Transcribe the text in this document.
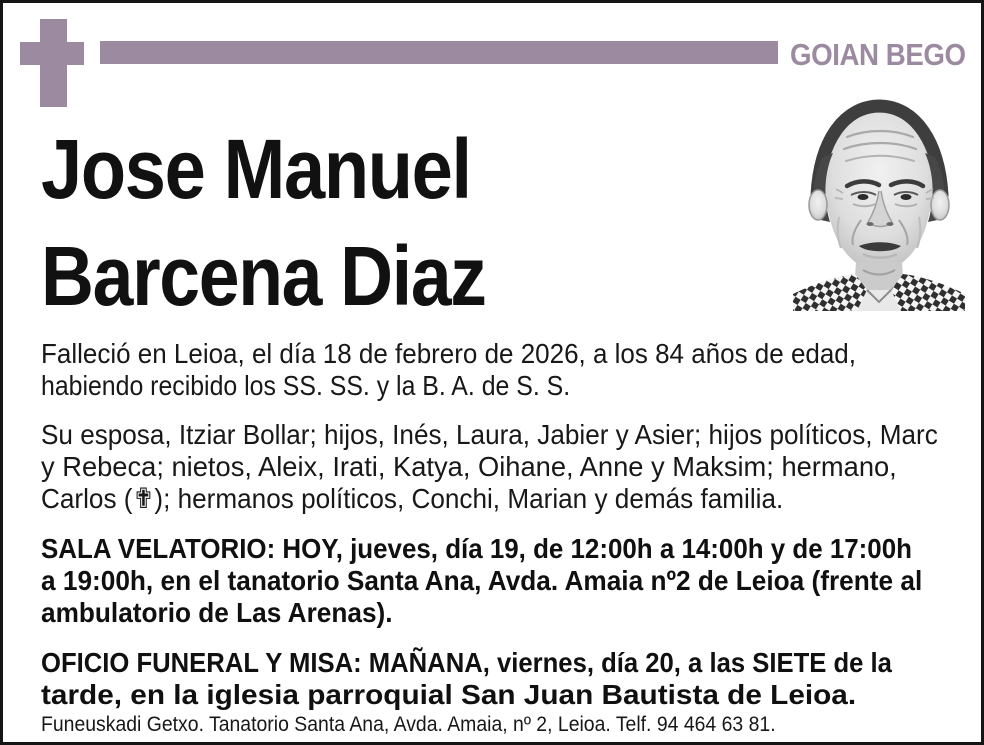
GOIAN BEGO
Jose Manuel
Barcena Diaz
Falleció en Leioa, el día 18 de febrero de 2026, a los 84 años de edad,
habiendo recibido los SS. SS. y la B. A. de S. S.
Su esposa, Itziar Bollar; hijos, Inés, Laura, Jabier y Asier; hijos políticos, Marc
y Rebeca; nietos, Aleix, Irati, Katya, Oihane, Anne y Maksim; hermano,
Carlos (✟); hermanos políticos, Conchi, Marian y demás familia.
SALA VELATORIO: HOY, jueves, día 19, de 12:00h a 14:00h y de 17:00h
a 19:00h, en el tanatorio Santa Ana, Avda. Amaia nº2 de Leioa (frente al
ambulatorio de Las Arenas).
OFICIO FUNERAL Y MISA: MAÑANA, viernes, día 20, a las SIETE de la
tarde, en la iglesia parroquial San Juan Bautista de Leioa.
Funeuskadi Getxo. Tanatorio Santa Ana, Avda. Amaia, nº 2, Leioa. Telf. 94 464 63 81.
